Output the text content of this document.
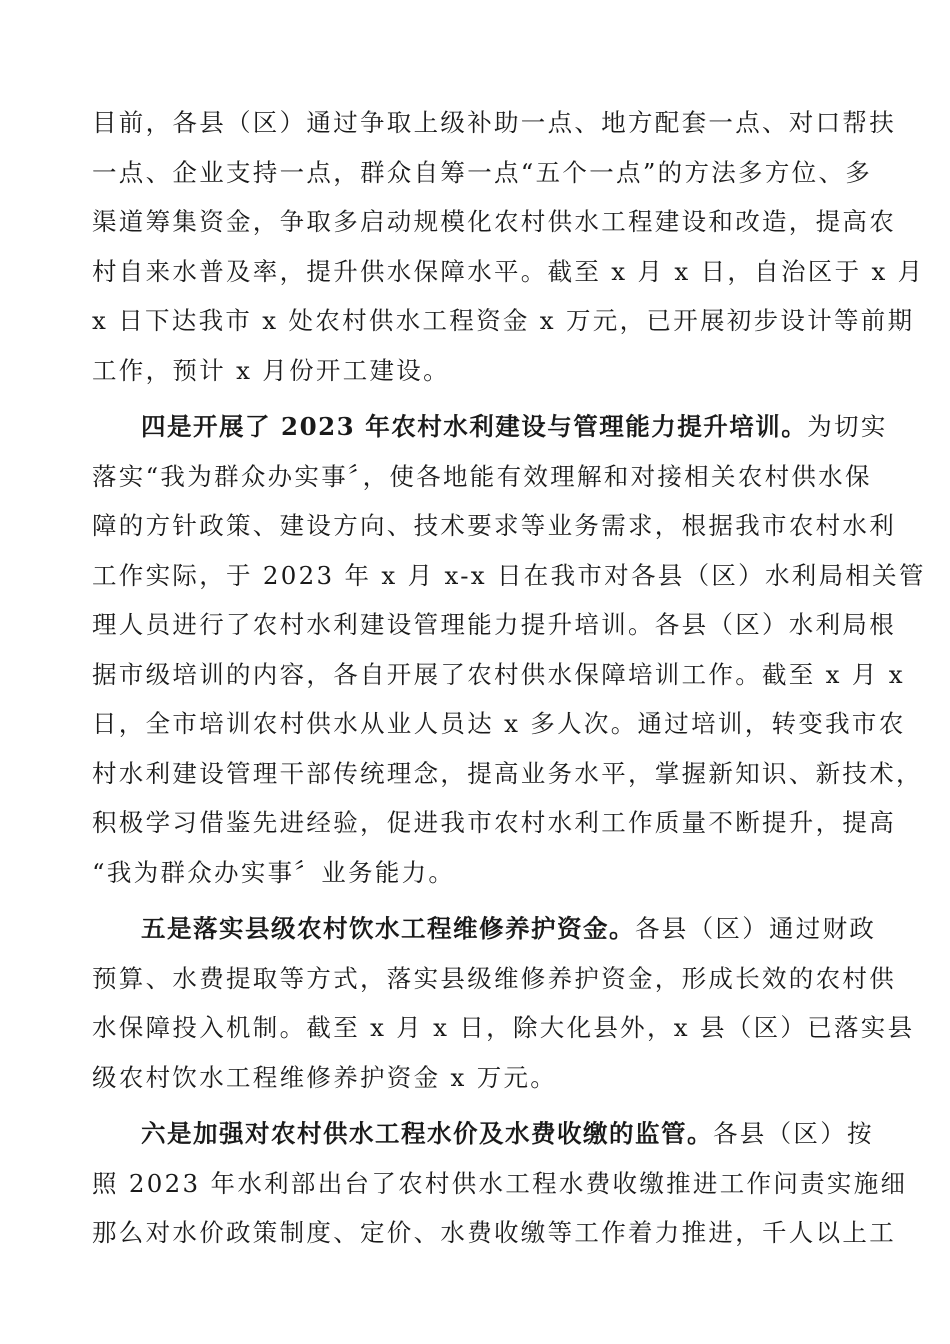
目前，各县（区）通过争取上级补助一点、地方配套一点、对口帮扶
一点、企业支持一点，群众自筹一点“五个一点”的方法多方位、多
渠道筹集资金，争取多启动规模化农村供水工程建设和改造，提高农
村自来水普及率，提升供水保障水平。截至 x 月 x 日，自治区于 x 月
x 日下达我市 x 处农村供水工程资金 x 万元，已开展初步设计等前期
工作，预计 x 月份开工建设。
四是开展了 2023 年农村水利建设与管理能力提升培训。为切实
落实“我为群众办实事〞，使各地能有效理解和对接相关农村供水保
障的方针政策、建设方向、技术要求等业务需求，根据我市农村水利
工作实际，于 2023 年 x 月 x-x 日在我市对各县（区）水利局相关管
理人员进行了农村水利建设管理能力提升培训。各县（区）水利局根
据市级培训的内容，各自开展了农村供水保障培训工作。截至 x 月 x
日，全市培训农村供水从业人员达 x 多人次。通过培训，转变我市农
村水利建设管理干部传统理念，提高业务水平，掌握新知识、新技术，
积极学习借鉴先进经验，促进我市农村水利工作质量不断提升，提高
“我为群众办实事〞业务能力。
五是落实县级农村饮水工程维修养护资金。各县（区）通过财政
预算、水费提取等方式，落实县级维修养护资金，形成长效的农村供
水保障投入机制。截至 x 月 x 日，除大化县外，x 县（区）已落实县
级农村饮水工程维修养护资金 x 万元。
六是加强对农村供水工程水价及水费收缴的监管。各县（区）按
照 2023 年水利部出台了农村供水工程水费收缴推进工作问责实施细
那么对水价政策制度、定价、水费收缴等工作着力推进，千人以上工
